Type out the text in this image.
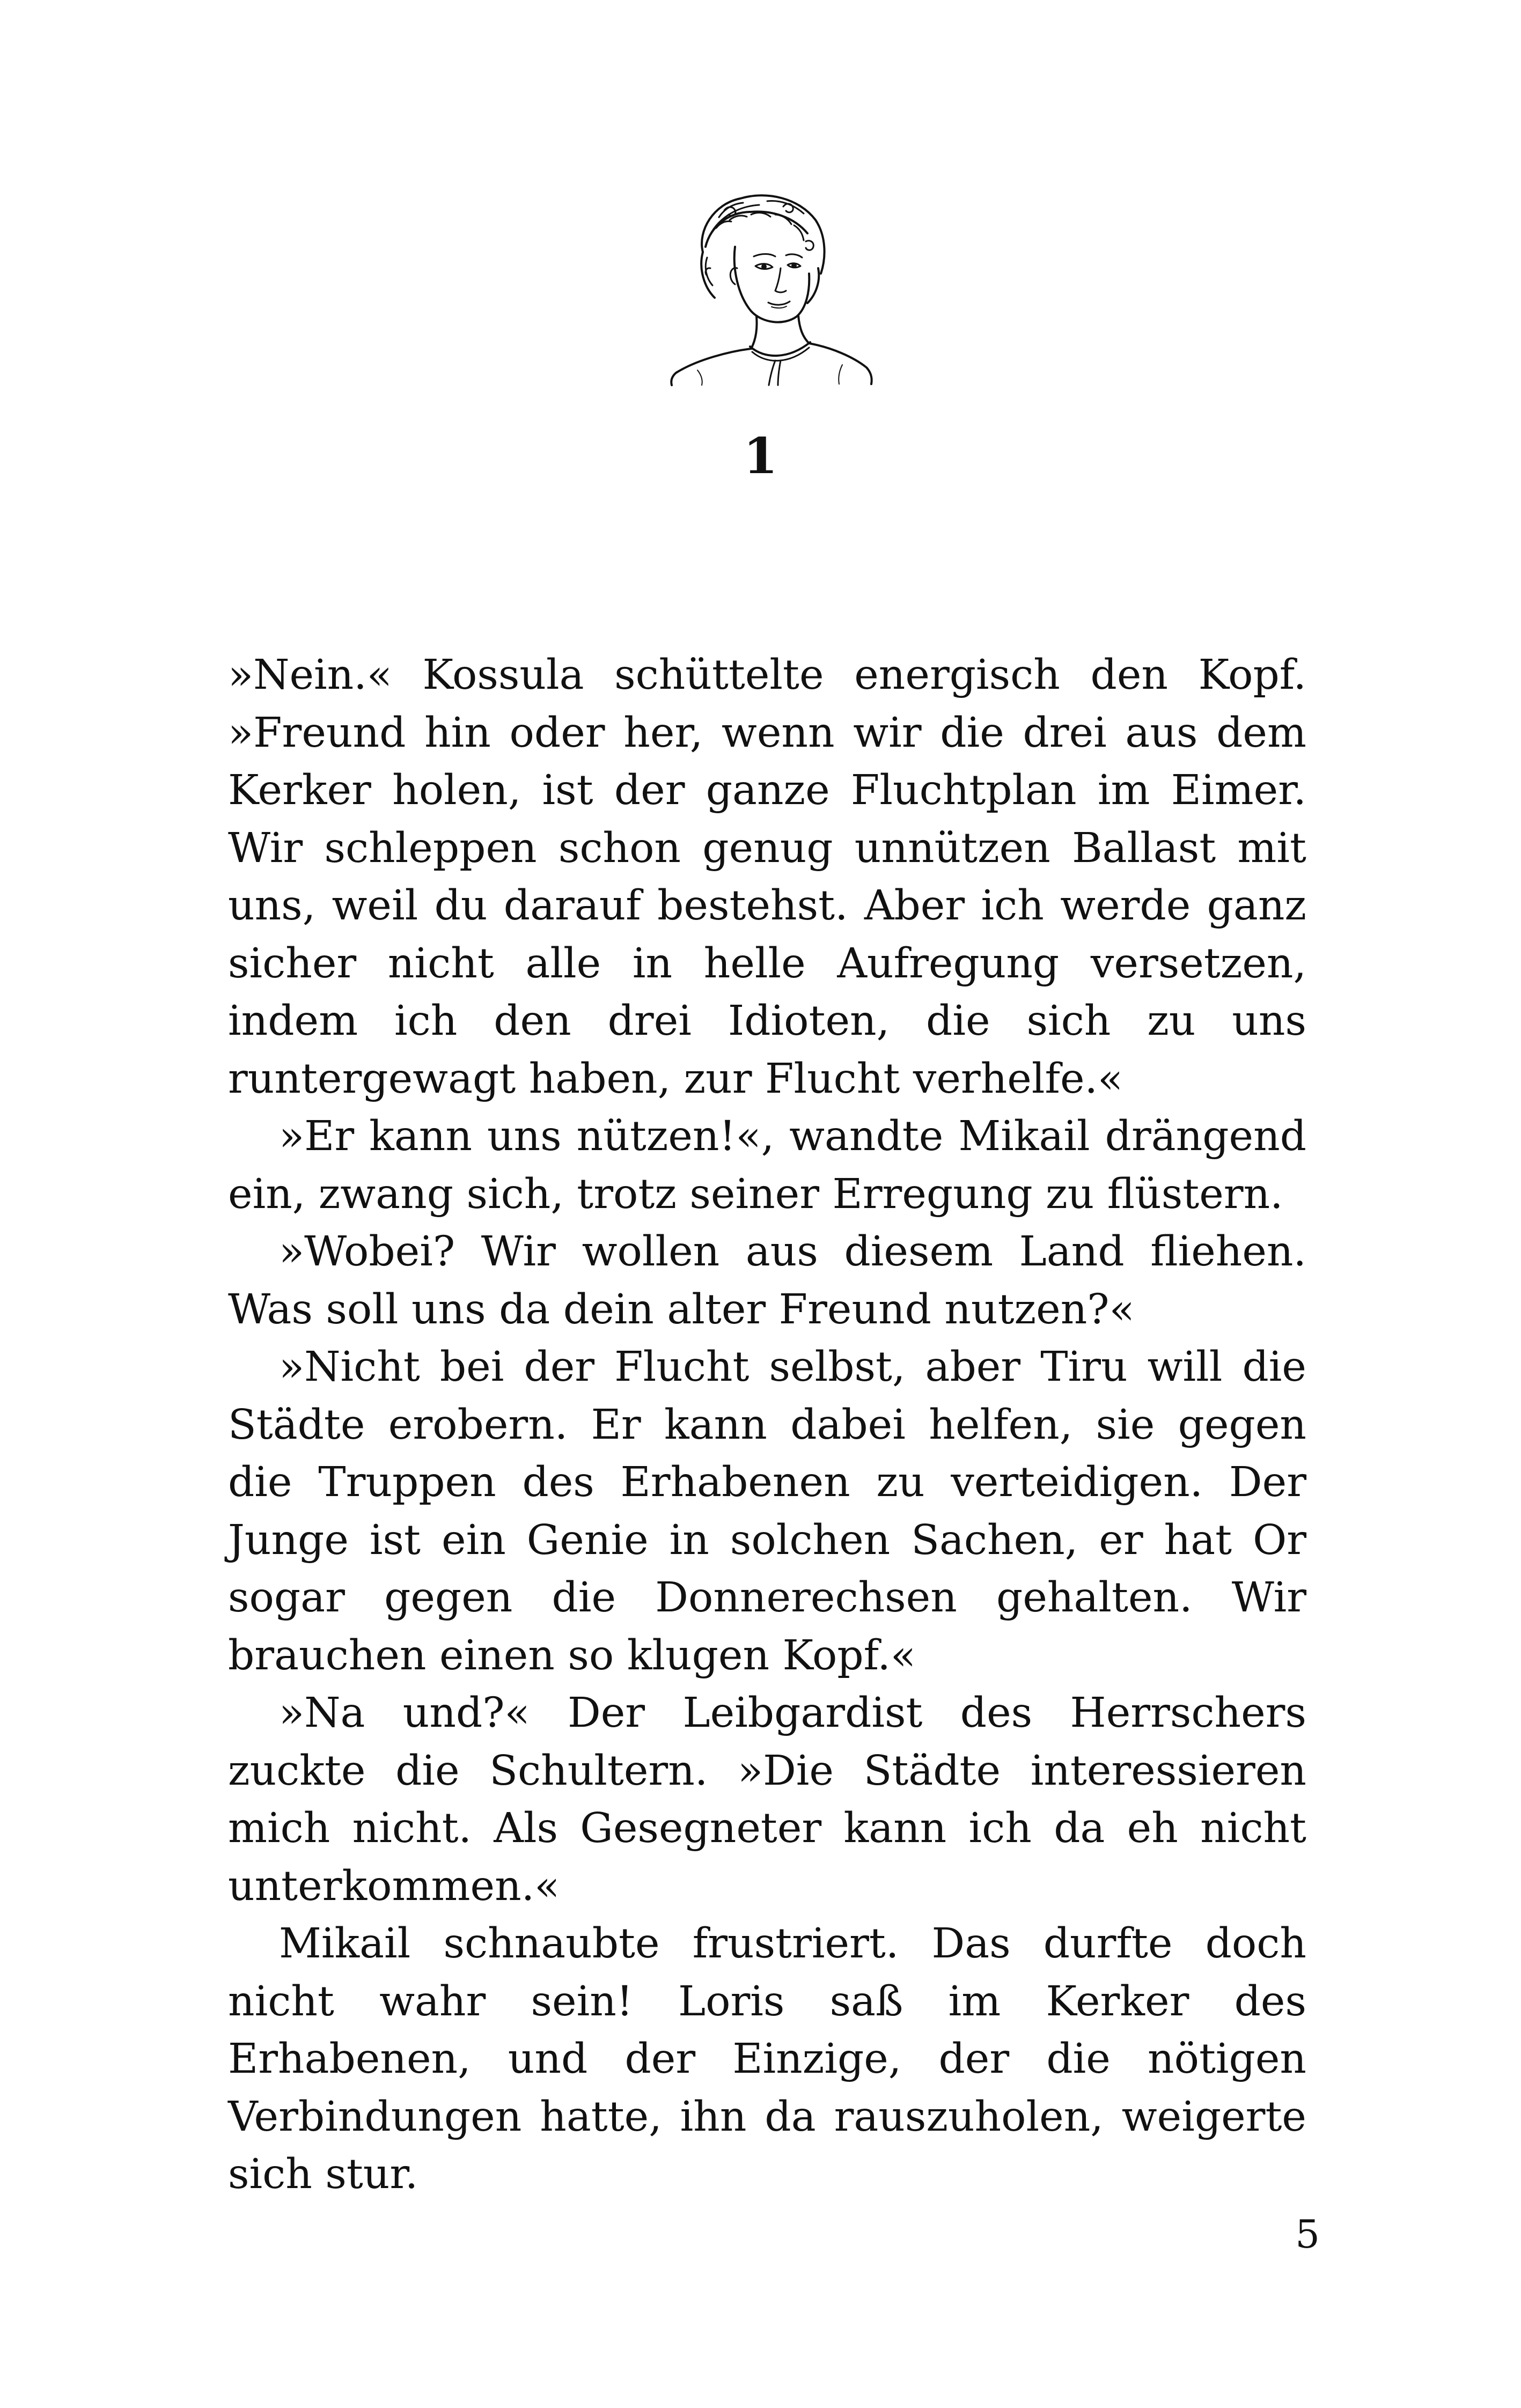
1

»Nein.« Kossula schüttelte energisch den Kopf. »Freund hin oder her, wenn wir die drei aus dem Kerker holen, ist der ganze Fluchtplan im Eimer. Wir schleppen schon genug unnützen Ballast mit uns, weil du darauf bestehst. Aber ich werde ganz sicher nicht alle in helle Aufregung versetzen, indem ich den drei Idioten, die sich zu uns runtergewagt haben, zur Flucht verhelfe.«

»Er kann uns nützen!«, wandte Mikail drängend ein, zwang sich, trotz seiner Erregung zu flüstern.

»Wobei? Wir wollen aus diesem Land fliehen. Was soll uns da dein alter Freund nutzen?«

»Nicht bei der Flucht selbst, aber Tiru will die Städte erobern. Er kann dabei helfen, sie gegen die Truppen des Erhabenen zu verteidigen. Der Junge ist ein Genie in solchen Sachen, er hat Or sogar gegen die Donnerechsen gehalten. Wir brauchen einen so klugen Kopf.«

»Na und?« Der Leibgardist des Herrschers zuckte die Schultern. »Die Städte interessieren mich nicht. Als Gesegneter kann ich da eh nicht unterkommen.«

Mikail schnaubte frustriert. Das durfte doch nicht wahr sein! Loris saß im Kerker des Erhabenen, und der Einzige, der die nötigen Verbindungen hatte, ihn da rauszuholen, weigerte sich stur.

5
